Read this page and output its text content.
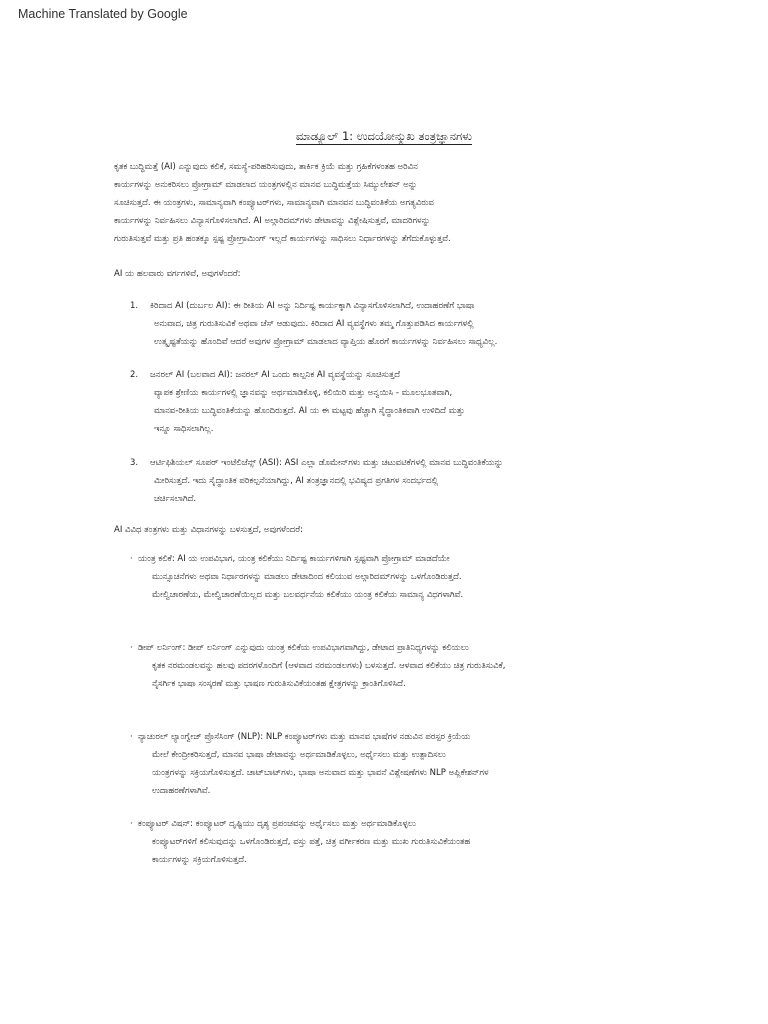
Machine Translated by Google
ಮಾಡ್ಯೂಲ್ 1: ಉದಯೋನ್ಮುಖ ತಂತ್ರಜ್ಞಾನಗಳು
ಕೃತಕ ಬುದ್ಧಿಮತ್ತೆ (AI) ಎನ್ನುವುದು ಕಲಿಕೆ, ಸಮಸ್ಯೆ-ಪರಿಹರಿಸುವುದು, ತಾರ್ಕಿಕ ಕ್ರಿಯೆ ಮತ್ತು ಗ್ರಹಿಕೆಗಳಂತಹ ಅರಿವಿನ
ಕಾರ್ಯಗಳನ್ನು ಅನುಕರಿಸಲು ಪ್ರೋಗ್ರಾಮ್ ಮಾಡಲಾದ ಯಂತ್ರಗಳಲ್ಲಿನ ಮಾನವ ಬುದ್ಧಿಮತ್ತೆಯ ಸಿಮ್ಯುಲೇಶನ್ ಅನ್ನು
ಸೂಚಿಸುತ್ತದೆ. ಈ ಯಂತ್ರಗಳು, ಸಾಮಾನ್ಯವಾಗಿ ಕಂಪ್ಯೂಟರ್‌ಗಳು, ಸಾಮಾನ್ಯವಾಗಿ ಮಾನವನ ಬುದ್ಧಿವಂತಿಕೆಯ ಅಗತ್ಯವಿರುವ
ಕಾರ್ಯಗಳನ್ನು ನಿರ್ವಹಿಸಲು ವಿನ್ಯಾಸಗೊಳಿಸಲಾಗಿದೆ. AI ಅಲ್ಗಾರಿದಮ್‌ಗಳು ಡೇಟಾವನ್ನು ವಿಶ್ಲೇಷಿಸುತ್ತವೆ, ಮಾದರಿಗಳನ್ನು
ಗುರುತಿಸುತ್ತವೆ ಮತ್ತು ಪ್ರತಿ ಹಂತಕ್ಕೂ ಸ್ಪಷ್ಟ ಪ್ರೋಗ್ರಾಮಿಂಗ್ ಇಲ್ಲದೆ ಕಾರ್ಯಗಳನ್ನು ಸಾಧಿಸಲು ನಿರ್ಧಾರಗಳನ್ನು ತೆಗೆದುಕೊಳ್ಳುತ್ತವೆ.
AI ಯ ಹಲವಾರು ವರ್ಗಗಳಿವೆ, ಅವುಗಳೆಂದರೆ:
1. ಕಿರಿದಾದ AI (ದುರ್ಬಲ AI): ಈ ರೀತಿಯ AI ಅನ್ನು ನಿರ್ದಿಷ್ಟ ಕಾರ್ಯಕ್ಕಾಗಿ ವಿನ್ಯಾಸಗೊಳಿಸಲಾಗಿದೆ, ಉದಾಹರಣೆಗೆ ಭಾಷಾ
ಅನುವಾದ, ಚಿತ್ರ ಗುರುತಿಸುವಿಕೆ ಅಥವಾ ಚೆಸ್ ಆಡುವುದು. ಕಿರಿದಾದ AI ವ್ಯವಸ್ಥೆಗಳು ತಮ್ಮ ಗೊತ್ತುಪಡಿಸಿದ ಕಾರ್ಯಗಳಲ್ಲಿ
ಉತ್ಕೃಷ್ಟತೆಯನ್ನು ಹೊಂದಿವೆ ಆದರೆ ಅವುಗಳ ಪ್ರೋಗ್ರಾಮ್ ಮಾಡಲಾದ ವ್ಯಾಪ್ತಿಯ ಹೊರಗೆ ಕಾರ್ಯಗಳನ್ನು ನಿರ್ವಹಿಸಲು ಸಾಧ್ಯವಿಲ್ಲ.
2. ಜನರಲ್ AI (ಬಲವಾದ AI): ಜನರಲ್ AI ಒಂದು ಕಾಲ್ಪನಿಕ AI ವ್ಯವಸ್ಥೆಯನ್ನು ಸೂಚಿಸುತ್ತದೆ
ವ್ಯಾಪಕ ಶ್ರೇಣಿಯ ಕಾರ್ಯಗಳಲ್ಲಿ ಜ್ಞಾನವನ್ನು ಅರ್ಥಮಾಡಿಕೊಳ್ಳಿ, ಕಲಿಯಿರಿ ಮತ್ತು ಅನ್ವಯಿಸಿ - ಮೂಲಭೂತವಾಗಿ,
ಮಾನವ-ರೀತಿಯ ಬುದ್ಧಿವಂತಿಕೆಯನ್ನು ಹೊಂದಿರುತ್ತದೆ. AI ಯ ಈ ಮಟ್ಟವು ಹೆಚ್ಚಾಗಿ ಸೈದ್ಧಾಂತಿಕವಾಗಿ ಉಳಿದಿದೆ ಮತ್ತು
ಇನ್ನೂ ಸಾಧಿಸಲಾಗಿಲ್ಲ.
3. ಆರ್ಟಿಫಿಶಿಯಲ್ ಸೂಪರ್ ಇಂಟೆಲಿಜೆನ್ಸ್ (ASI): ASI ಎಲ್ಲಾ ಡೊಮೇನ್‌ಗಳು ಮತ್ತು ಚಟುವಟಿಕೆಗಳಲ್ಲಿ ಮಾನವ ಬುದ್ಧಿವಂತಿಕೆಯನ್ನು
ಮೀರಿಸುತ್ತದೆ. ಇದು ಸೈದ್ಧಾಂತಿಕ ಪರಿಕಲ್ಪನೆಯಾಗಿದ್ದು, AI ತಂತ್ರಜ್ಞಾನದಲ್ಲಿ ಭವಿಷ್ಯದ ಪ್ರಗತಿಗಳ ಸಂದರ್ಭದಲ್ಲಿ
ಚರ್ಚಿಸಲಾಗಿದೆ.
AI ವಿವಿಧ ತಂತ್ರಗಳು ಮತ್ತು ವಿಧಾನಗಳನ್ನು ಬಳಸುತ್ತದೆ, ಅವುಗಳೆಂದರೆ:
· ಯಂತ್ರ ಕಲಿಕೆ: AI ಯ ಉಪವಿಭಾಗ, ಯಂತ್ರ ಕಲಿಕೆಯು ನಿರ್ದಿಷ್ಟ ಕಾರ್ಯಗಳಿಗಾಗಿ ಸ್ಪಷ್ಟವಾಗಿ ಪ್ರೋಗ್ರಾಮ್ ಮಾಡದೆಯೇ
ಮುನ್ಸೂಚನೆಗಳು ಅಥವಾ ನಿರ್ಧಾರಗಳನ್ನು ಮಾಡಲು ಡೇಟಾದಿಂದ ಕಲಿಯುವ ಅಲ್ಗಾರಿದಮ್‌ಗಳನ್ನು ಒಳಗೊಂಡಿರುತ್ತದೆ.
ಮೇಲ್ವಿಚಾರಣೆಯ, ಮೇಲ್ವಿಚಾರಣೆಯಿಲ್ಲದ ಮತ್ತು ಬಲವರ್ಧನೆಯ ಕಲಿಕೆಯು ಯಂತ್ರ ಕಲಿಕೆಯ ಸಾಮಾನ್ಯ ವಿಧಗಳಾಗಿವೆ.
· ಡೀಪ್ ಲರ್ನಿಂಗ್: ಡೀಪ್ ಲರ್ನಿಂಗ್ ಎನ್ನುವುದು ಯಂತ್ರ ಕಲಿಕೆಯ ಉಪವಿಭಾಗವಾಗಿದ್ದು, ಡೇಟಾದ ಪ್ರಾತಿನಿಧ್ಯಗಳನ್ನು ಕಲಿಯಲು
ಕೃತಕ ನರಮಂಡಲವನ್ನು ಹಲವು ಪದರಗಳೊಂದಿಗೆ (ಆಳವಾದ ನರಮಂಡಲಗಳು) ಬಳಸುತ್ತದೆ. ಆಳವಾದ ಕಲಿಕೆಯು ಚಿತ್ರ ಗುರುತಿಸುವಿಕೆ,
ನೈಸರ್ಗಿಕ ಭಾಷಾ ಸಂಸ್ಕರಣೆ ಮತ್ತು ಭಾಷಣ ಗುರುತಿಸುವಿಕೆಯಂತಹ ಕ್ಷೇತ್ರಗಳನ್ನು ಕ್ರಾಂತಿಗೊಳಿಸಿದೆ.
· ನ್ಯಾಚುರಲ್ ಲ್ಯಾಂಗ್ವೇಜ್ ಪ್ರೊಸೆಸಿಂಗ್ (NLP): NLP ಕಂಪ್ಯೂಟರ್‌ಗಳು ಮತ್ತು ಮಾನವ ಭಾಷೆಗಳ ನಡುವಿನ ಪರಸ್ಪರ ಕ್ರಿಯೆಯ
ಮೇಲೆ ಕೇಂದ್ರೀಕರಿಸುತ್ತದೆ, ಮಾನವ ಭಾಷಾ ಡೇಟಾವನ್ನು ಅರ್ಥಮಾಡಿಕೊಳ್ಳಲು, ಅರ್ಥೈಸಲು ಮತ್ತು ಉತ್ಪಾದಿಸಲು
ಯಂತ್ರಗಳನ್ನು ಸಕ್ರಿಯಗೊಳಿಸುತ್ತದೆ. ಚಾಟ್‌ಬಾಟ್‌ಗಳು, ಭಾಷಾ ಅನುವಾದ ಮತ್ತು ಭಾವನೆ ವಿಶ್ಲೇಷಣೆಗಳು NLP ಅಪ್ಲಿಕೇಶನ್‌ಗಳ
ಉದಾಹರಣೆಗಳಾಗಿವೆ.
· ಕಂಪ್ಯೂಟರ್ ವಿಷನ್: ಕಂಪ್ಯೂಟರ್ ದೃಷ್ಟಿಯು ದೃಶ್ಯ ಪ್ರಪಂಚವನ್ನು ಅರ್ಥೈಸಲು ಮತ್ತು ಅರ್ಥಮಾಡಿಕೊಳ್ಳಲು
ಕಂಪ್ಯೂಟರ್‌ಗಳಿಗೆ ಕಲಿಸುವುದನ್ನು ಒಳಗೊಂಡಿರುತ್ತದೆ, ವಸ್ತು ಪತ್ತೆ, ಚಿತ್ರ ವರ್ಗೀಕರಣ ಮತ್ತು ಮುಖ ಗುರುತಿಸುವಿಕೆಯಂತಹ
ಕಾರ್ಯಗಳನ್ನು ಸಕ್ರಿಯಗೊಳಿಸುತ್ತದೆ.
